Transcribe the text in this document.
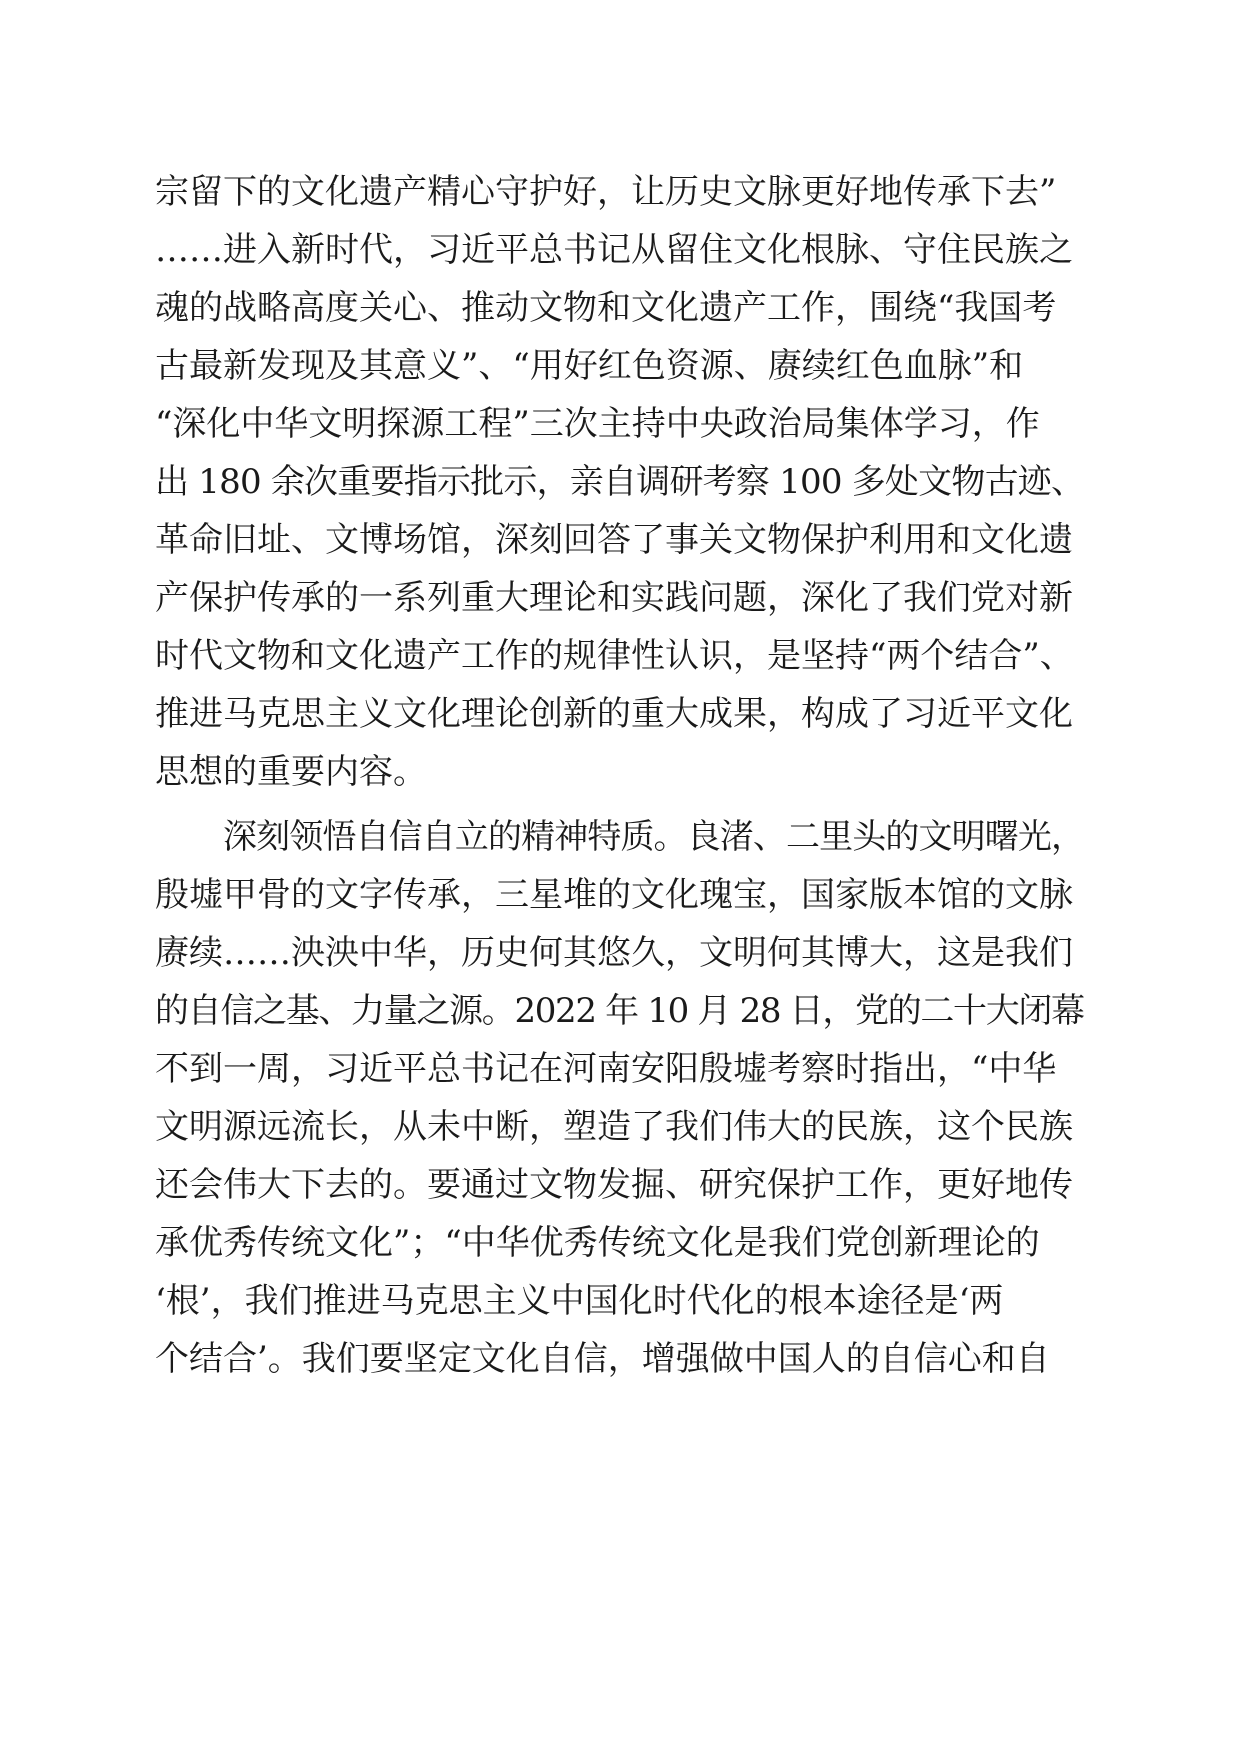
宗留下的文化遗产精心守护好，让历史文脉更好地传承下去”
……进入新时代，习近平总书记从留住文化根脉、守住民族之
魂的战略高度关心、推动文物和文化遗产工作，围绕“我国考
古最新发现及其意义”、“用好红色资源、赓续红色血脉”和
“深化中华文明探源工程”三次主持中央政治局集体学习，作
出 180 余次重要指示批示，亲自调研考察 100 多处文物古迹、
革命旧址、文博场馆，深刻回答了事关文物保护利用和文化遗
产保护传承的一系列重大理论和实践问题，深化了我们党对新
时代文物和文化遗产工作的规律性认识，是坚持“两个结合”、
推进马克思主义文化理论创新的重大成果，构成了习近平文化
思想的重要内容。
深刻领悟自信自立的精神特质。良渚、二里头的文明曙光，
殷墟甲骨的文字传承，三星堆的文化瑰宝，国家版本馆的文脉
赓续……泱泱中华，历史何其悠久，文明何其博大，这是我们
的自信之基、力量之源。2022 年 10 月 28 日，党的二十大闭幕
不到一周，习近平总书记在河南安阳殷墟考察时指出，“中华
文明源远流长，从未中断，塑造了我们伟大的民族，这个民族
还会伟大下去的。要通过文物发掘、研究保护工作，更好地传
承优秀传统文化”；“中华优秀传统文化是我们党创新理论的
‘根’，我们推进马克思主义中国化时代化的根本途径是‘两
个结合’。我们要坚定文化自信，增强做中国人的自信心和自
